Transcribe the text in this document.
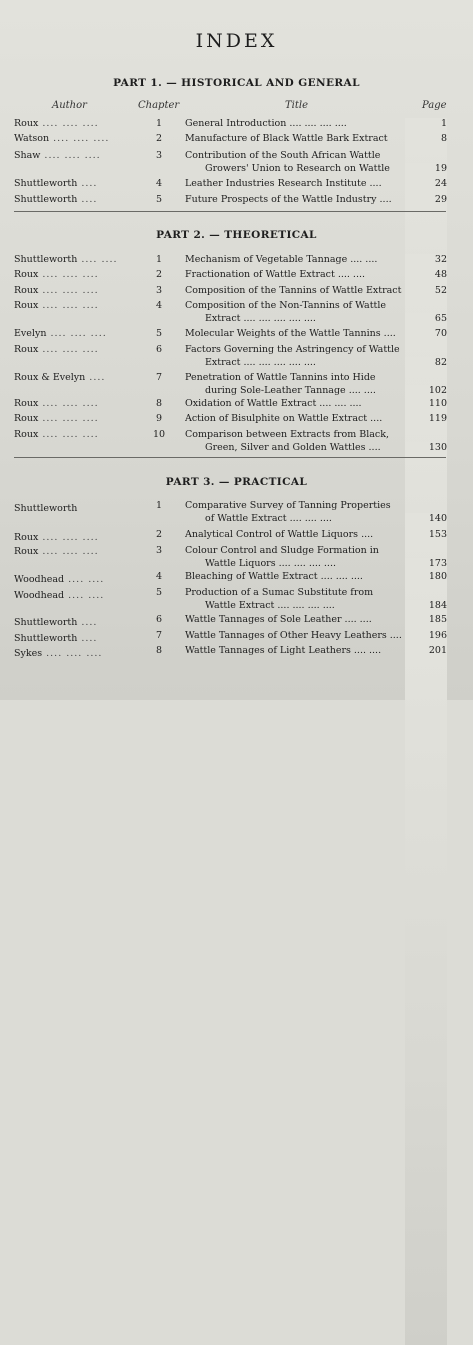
INDEX
PART 1. — HISTORICAL AND GENERAL
Author	Chapter	Title	Page
Roux .... .... ....	1	General Introduction .... .... .... ....	1
Watson .... .... ....	2	Manufacture of Black Wattle Bark Extract	8
Shaw .... .... ....	3	Contribution of the South African Wattle
Growers' Union to Research on Wattle	19
Shuttleworth ....	4	Leather Industries Research Institute ....	24
Shuttleworth ....	5	Future Prospects of the Wattle Industry ....	29
Shuttleworth .... ....	1	Mechanism of Vegetable Tannage .... ....	32
Roux .... .... ....	2	Fractionation of Wattle Extract .... ....	48
Roux .... .... ....	3	Composition of the Tannins of Wattle Extract	52
Roux .... .... ....	4	Composition of the Non-Tannins of Wattle
Extract .... .... .... .... ....	65
Evelyn .... .... ....	5	Molecular Weights of the Wattle Tannins ....	70
Roux .... .... ....	6	Factors Governing the Astringency of Wattle
Extract .... .... .... .... ....	82
Roux & Evelyn ....	7	Penetration of Wattle Tannins into Hide
during Sole-Leather Tannage .... ....	102
Roux .... .... ....	8	Oxidation of Wattle Extract .... .... ....	110
Roux .... .... ....	9	Action of Bisulphite on Wattle Extract ....	119
Roux .... .... ....	10	Comparison between Extracts from Black,
Green, Silver and Golden Wattles ....	130
Shuttleworth	1	Comparative Survey of Tanning Properties
of Wattle Extract .... .... ....	140
Roux .... .... ....	2	Analytical Control of Wattle Liquors ....	153
Roux .... .... ....	3	Colour Control and Sludge Formation in
Wattle Liquors .... .... .... ....	173
Woodhead .... ....	4	Bleaching of Wattle Extract .... .... ....	180
Woodhead .... ....	5	Production of a Sumac Substitute from
Wattle Extract .... .... .... ....	184
Shuttleworth ....	6	Wattle Tannages of Sole Leather .... ....	185
Shuttleworth ....	7	Wattle Tannages of Other Heavy Leathers ....	196
Sykes .... .... ....	8	Wattle Tannages of Light Leathers .... ....	201
PART 2. — THEORETICAL
PART 3. — PRACTICAL
